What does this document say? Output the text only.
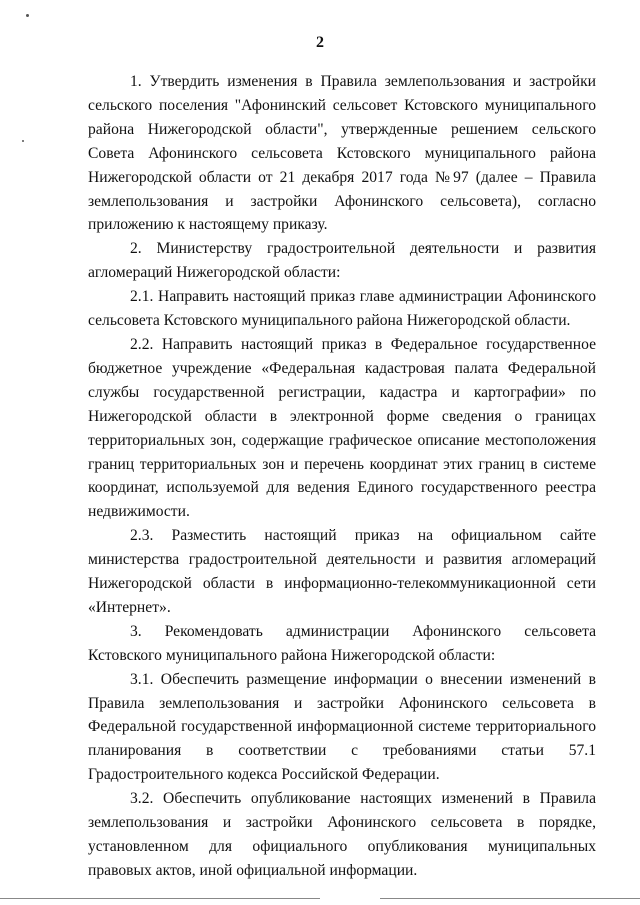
2

1. Утвердить изменения в Правила землепользования и застройки сельского поселения "Афонинский сельсовет Кстовского муниципального района Нижегородской области", утвержденные решением сельского Совета Афонинского сельсовета Кстовского муниципального района Нижегородской области от 21 декабря 2017 года №97 (далее – Правила землепользования и застройки Афонинского сельсовета), согласно приложению к настоящему приказу.

2. Министерству градостроительной деятельности и развития агломераций Нижегородской области:

2.1. Направить настоящий приказ главе администрации Афонинского сельсовета Кстовского муниципального района Нижегородской области.

2.2. Направить настоящий приказ в Федеральное государственное бюджетное учреждение «Федеральная кадастровая палата Федеральной службы государственной регистрации, кадастра и картографии» по Нижегородской области в электронной форме сведения о границах территориальных зон, содержащие графическое описание местоположения границ территориальных зон и перечень координат этих границ в системе координат, используемой для ведения Единого государственного реестра недвижимости.

2.3. Разместить настоящий приказ на официальном сайте министерства градостроительной деятельности и развития агломераций Нижегородской области в информационно-телекоммуникационной сети «Интернет».

3. Рекомендовать администрации Афонинского сельсовета Кстовского муниципального района Нижегородской области:

3.1. Обеспечить размещение информации о внесении изменений в Правила землепользования и застройки Афонинского сельсовета в Федеральной государственной информационной системе территориального планирования в соответствии с требованиями статьи 57.1 Градостроительного кодекса Российской Федерации.

3.2. Обеспечить опубликование настоящих изменений в Правила землепользования и застройки Афонинского сельсовета в порядке, установленном для официального опубликования муниципальных правовых актов, иной официальной информации.
